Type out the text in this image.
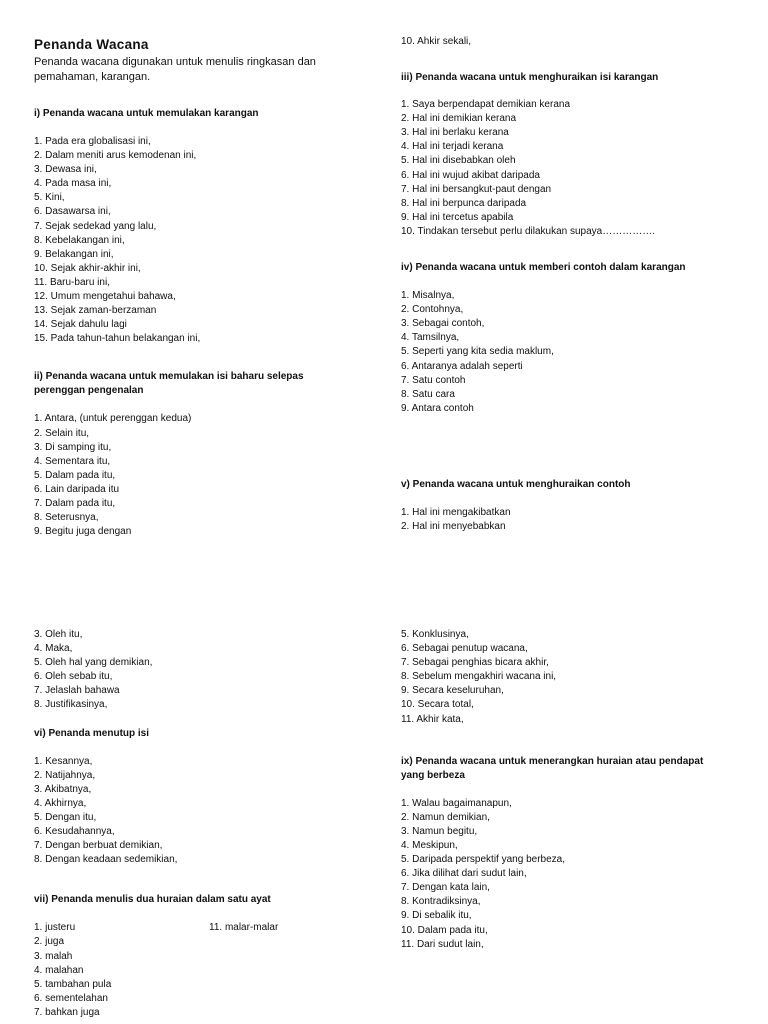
Penanda Wacana

Penanda wacana digunakan untuk menulis ringkasan dan pemahaman, karangan.

i) Penanda wacana untuk memulakan karangan

1. Pada era globalisasi ini,
2. Dalam meniti arus kemodenan ini,
3. Dewasa ini,
4. Pada masa ini,
5. Kini,
6. Dasawarsa ini,
7. Sejak sedekad yang lalu,
8. Kebelakangan ini,
9. Belakangan ini,
10. Sejak akhir-akhir ini,
11. Baru-baru ini,
12. Umum mengetahui bahawa,
13. Sejak zaman-berzaman
14. Sejak dahulu lagi
15. Pada tahun-tahun belakangan ini,

ii) Penanda wacana untuk memulakan isi baharu selepas
perenggan pengenalan

1. Antara, (untuk perenggan kedua)
2. Selain itu,
3. Di samping itu,
4. Sementara itu,
5. Dalam pada itu,
6. Lain daripada itu
7. Dalam pada itu,
8. Seterusnya,
9. Begitu juga dengan
10. Ahkir sekali,

iii) Penanda wacana untuk menghuraikan isi karangan

1. Saya berpendapat demikian kerana
2. Hal ini demikian kerana
3. Hal ini berlaku kerana
4. Hal ini terjadi kerana
5. Hal ini disebabkan oleh
6. Hal ini wujud akibat daripada
7. Hal ini bersangkut-paut dengan
8. Hal ini berpunca daripada
9. Hal ini tercetus apabila
10. Tindakan tersebut perlu dilakukan supaya…………….

iv) Penanda wacana untuk memberi contoh dalam karangan

1. Misalnya,
2. Contohnya,
3. Sebagai contoh,
4. Tamsilnya,
5. Seperti yang kita sedia maklum,
6. Antaranya adalah seperti
7. Satu contoh
8. Satu cara
9. Antara contoh

v) Penanda wacana untuk menghuraikan contoh

1. Hal ini mengakibatkan
2. Hal ini menyebabkan
3. Oleh itu,
4. Maka,
5. Oleh hal yang demikian,
6. Oleh sebab itu,
7. Jelaslah bahawa
8. Justifikasinya,

vi) Penanda menutup isi

1. Kesannya,
2. Natijahnya,
3. Akibatnya,
4. Akhirnya,
5. Dengan itu,
6. Kesudahannya,
7. Dengan berbuat demikian,
8. Dengan keadaan sedemikian,

vii) Penanda menulis dua huraian dalam satu ayat

1. justeru
2. juga
3. malah
4. malahan
5. tambahan pula
6. sementelahan
7. bahkan juga
11. malar-malar
5. Konklusinya,
6. Sebagai penutup wacana,
7. Sebagai penghias bicara akhir,
8. Sebelum mengakhiri wacana ini,
9. Secara keseluruhan,
10. Secara total,
11. Akhir kata,

ix) Penanda wacana untuk menerangkan huraian atau pendapat
yang berbeza

1. Walau bagaimanapun,
2. Namun demikian,
3. Namun begitu,
4. Meskipun,
5. Daripada perspektif yang berbeza,
6. Jika dilihat dari sudut lain,
7. Dengan kata lain,
8. Kontradiksinya,
9. Di sebalik itu,
10. Dalam pada itu,
11. Dari sudut lain,
